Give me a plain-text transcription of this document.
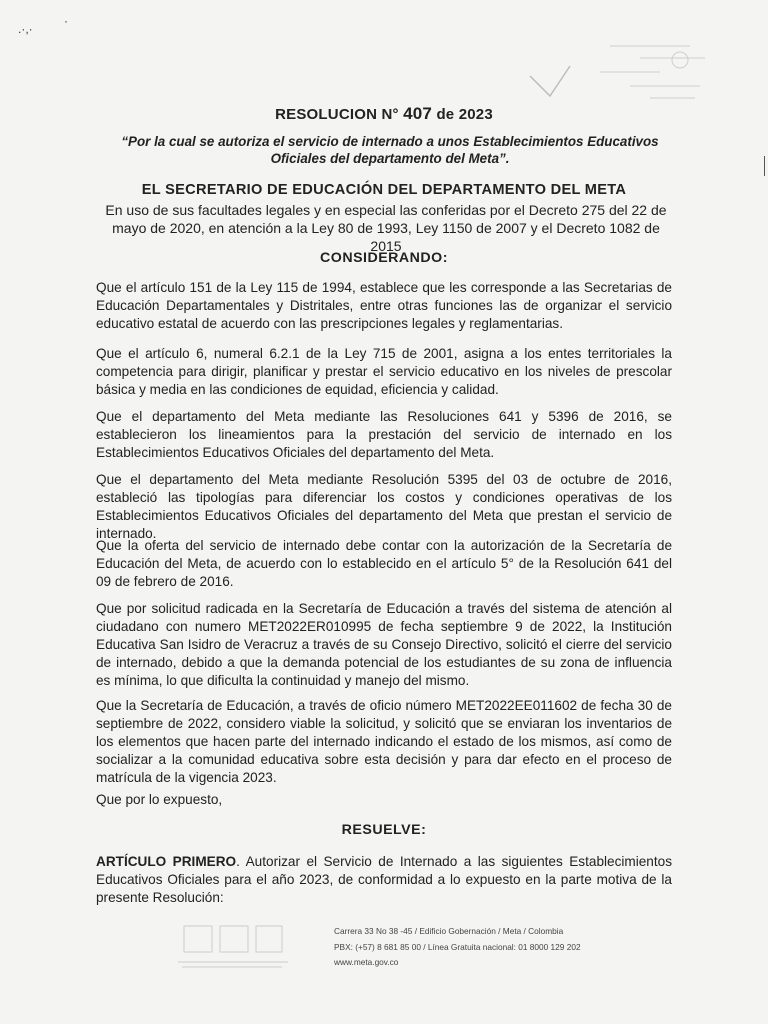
.·,·
·
RESOLUCION N° 407 de 2023
“Por la cual se autoriza el servicio de internado a unos Establecimientos Educativos Oficiales del departamento del Meta”.
EL SECRETARIO DE EDUCACIÓN DEL DEPARTAMENTO DEL META
En uso de sus facultades legales y en especial las conferidas por el Decreto 275 del 22 de mayo de 2020, en atención a la Ley 80 de 1993, Ley 1150 de 2007 y el Decreto 1082 de 2015
CONSIDERANDO:
Que el artículo 151 de la Ley 115 de 1994, establece que les corresponde a las Secretarias de Educación Departamentales y Distritales, entre otras funciones las de organizar el servicio educativo estatal de acuerdo con las prescripciones legales y reglamentarias.
Que el artículo 6, numeral 6.2.1 de la Ley 715 de 2001, asigna a los entes territoriales la competencia para dirigir, planificar y prestar el servicio educativo en los niveles de prescolar básica y media en las condiciones de equidad, eficiencia y calidad.
Que el departamento del Meta mediante las Resoluciones 641 y 5396 de 2016, se establecieron los lineamientos para la prestación del servicio de internado en los Establecimientos Educativos Oficiales del departamento del Meta.
Que el departamento del Meta mediante Resolución 5395 del 03 de octubre de 2016, estableció las tipologías para diferenciar los costos y condiciones operativas de los Establecimientos Educativos Oficiales del departamento del Meta que prestan el servicio de internado.
Que la oferta del servicio de internado debe contar con la autorización de la Secretaría de Educación del Meta, de acuerdo con lo establecido en el artículo 5° de la Resolución 641 del 09 de febrero de 2016.
Que por solicitud radicada en la Secretaría de Educación a través del sistema de atención al ciudadano con numero MET2022ER010995 de fecha septiembre 9 de 2022, la Institución Educativa San Isidro de Veracruz a través de su Consejo Directivo, solicitó el cierre del servicio de internado, debido a que la demanda potencial de los estudiantes de su zona de influencia es mínima, lo que dificulta la continuidad y manejo del mismo.
Que la Secretaría de Educación, a través de oficio número MET2022EE011602 de fecha 30 de septiembre de 2022, considero viable la solicitud, y solicitó que se enviaran los inventarios de los elementos que hacen parte del internado indicando el estado de los mismos, así como de socializar a la comunidad educativa sobre esta decisión y para dar efecto en el proceso de matrícula de la vigencia 2023.
Que por lo expuesto,
RESUELVE:
ARTÍCULO PRIMERO. Autorizar el Servicio de Internado a las siguientes Establecimientos Educativos Oficiales para el año 2023, de conformidad a lo expuesto en la parte motiva de la presente Resolución:
Carrera 33 No 38 -45 / Edificio Gobernación / Meta / Colombia
PBX: (+57) 8 681 85 00 / Línea Gratuita nacional: 01 8000 129 202
www.meta.gov.co
